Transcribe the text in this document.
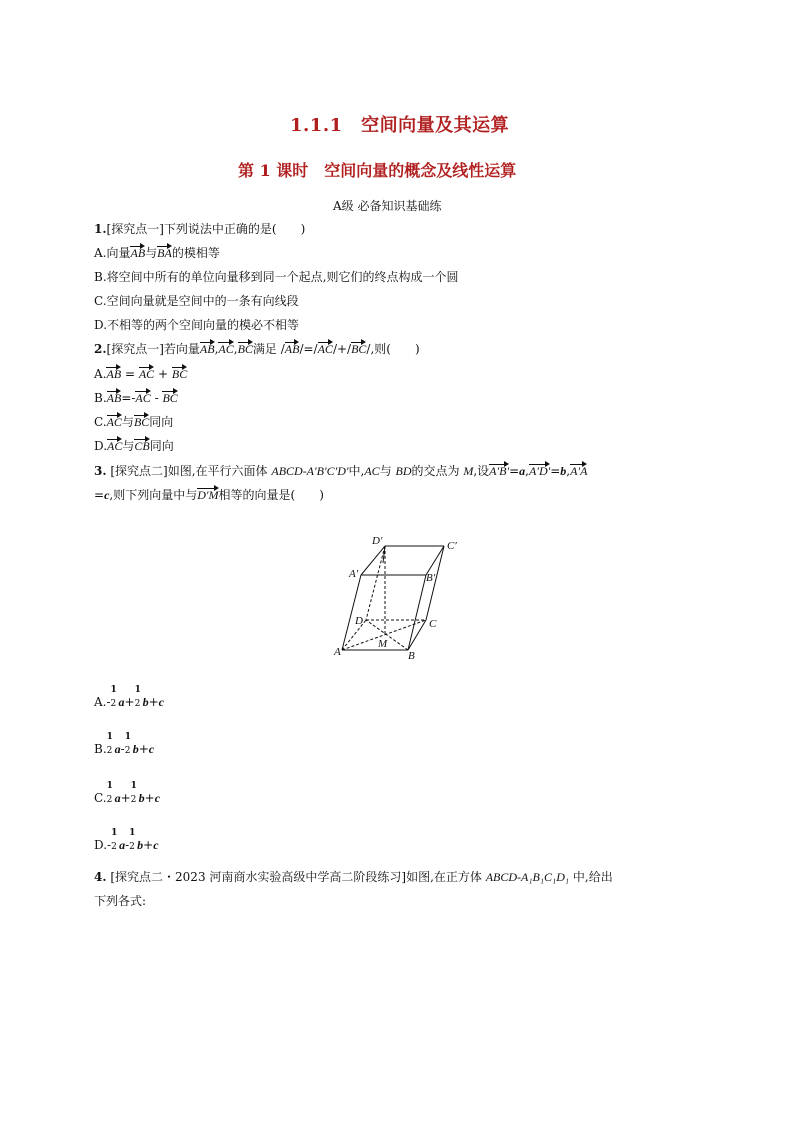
1.1.1　空间向量及其运算
第 1 课时　空间向量的概念及线性运算
A级 必备知识基础练
1.[探究点一]下列说法中正确的是(　　)
A.向量AB与BA的模相等
B.将空间中所有的单位向量移到同一个起点,则它们的终点构成一个圆
C.空间向量就是空间中的一条有向线段
D.不相等的两个空间向量的模必不相等
2.[探究点一]若向量AB,AC,BC满足 /AB/=/AC/+/BC/,则(　　)
A.AB = AC + BC
B.AB=-AC - BC
C.AC与BC同向
D.AC与CB同向
3. [探究点二]如图,在平行六面体 ABCD-A′B′C′D′中,AC与 BD的交点为 M,设A′B′=a,A′D′=b,A′A
=c,则下列向量中与D′M相等的向量是(　　)
D′	C′
A′	B′
D	C
A	B
M
A.-
1
2 a+
1
2 b+c
B.
1
2 a-
1
2 b+c
C.
1
2 a+
1
2 b+c
D.-
1
2 a-
1
2 b+c
4. [探究点二・2023 河南商水实验高级中学高二阶段练习]如图,在正方体 ABCD-A₁B₁C₁D₁ 中,给出
下列各式:
